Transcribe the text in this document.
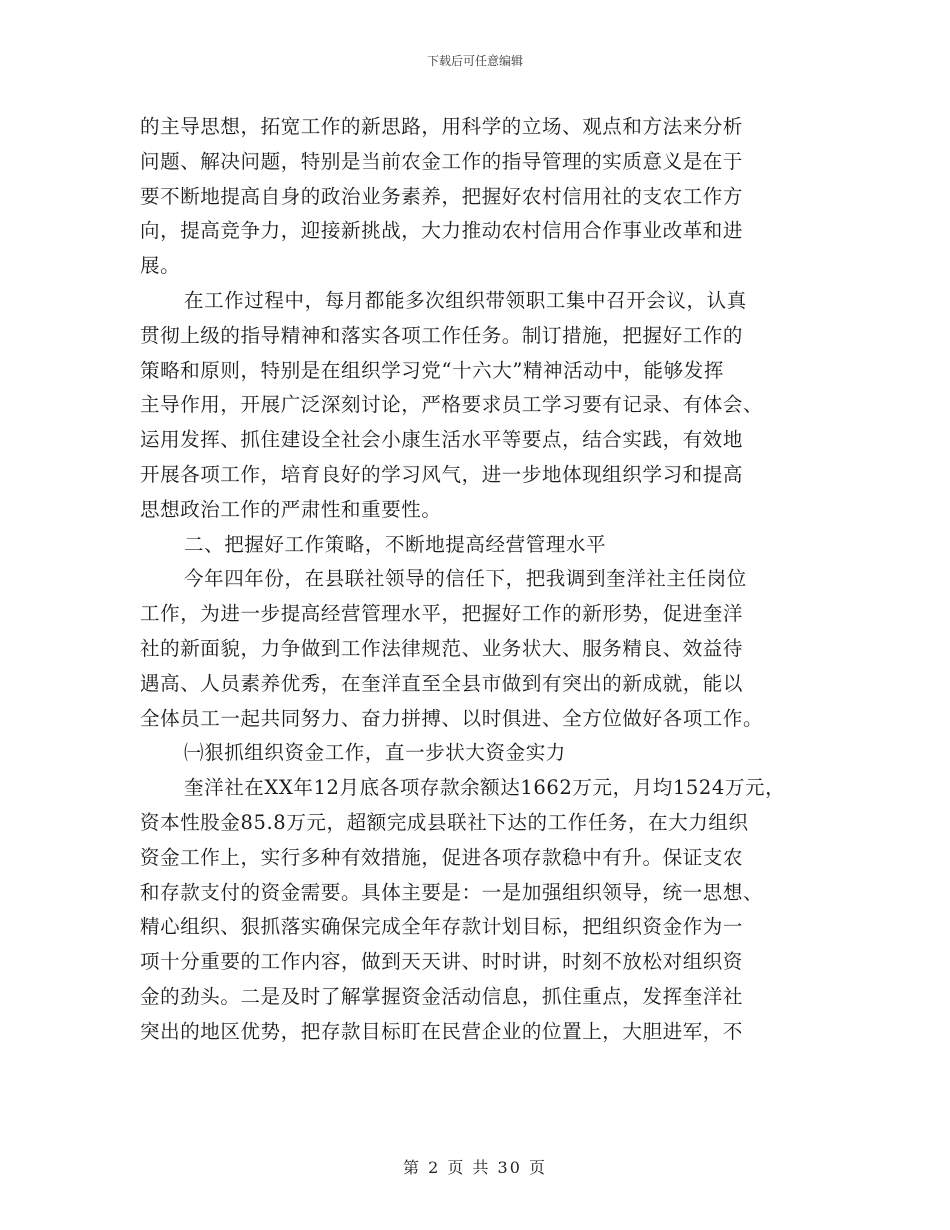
下载后可任意编辑
的主导思想，拓宽工作的新思路，用科学的立场、观点和方法来分析
问题、解决问题，特别是当前农金工作的指导管理的实质意义是在于
要不断地提高自身的政治业务素养，把握好农村信用社的支农工作方
向，提高竞争力，迎接新挑战，大力推动农村信用合作事业改革和进
展。
在工作过程中，每月都能多次组织带领职工集中召开会议，认真
贯彻上级的指导精神和落实各项工作任务。制订措施，把握好工作的
策略和原则，特别是在组织学习党“十六大”精神活动中，能够发挥
主导作用，开展广泛深刻讨论，严格要求员工学习要有记录、有体会、
运用发挥、抓住建设全社会小康生活水平等要点，结合实践，有效地
开展各项工作，培育良好的学习风气，进一步地体现组织学习和提高
思想政治工作的严肃性和重要性。
二、把握好工作策略，不断地提高经营管理水平
今年四年份，在县联社领导的信任下，把我调到奎洋社主任岗位
工作，为进一步提高经营管理水平，把握好工作的新形势，促进奎洋
社的新面貌，力争做到工作法律规范、业务状大、服务精良、效益待
遇高、人员素养优秀，在奎洋直至全县市做到有突出的新成就，能以
全体员工一起共同努力、奋力拼搏、以时俱进、全方位做好各项工作。
㈠狠抓组织资金工作，直一步状大资金实力
奎洋社在XX年12月底各项存款余额达1662万元，月均1524万元，
资本性股金85.8万元，超额完成县联社下达的工作任务，在大力组织
资金工作上，实行多种有效措施，促进各项存款稳中有升。保证支农
和存款支付的资金需要。具体主要是：一是加强组织领导，统一思想、
精心组织、狠抓落实确保完成全年存款计划目标，把组织资金作为一
项十分重要的工作内容，做到天天讲、时时讲，时刻不放松对组织资
金的劲头。二是及时了解掌握资金活动信息，抓住重点，发挥奎洋社
突出的地区优势，把存款目标盯在民营企业的位置上，大胆进军，不
第 2 页 共 30 页
